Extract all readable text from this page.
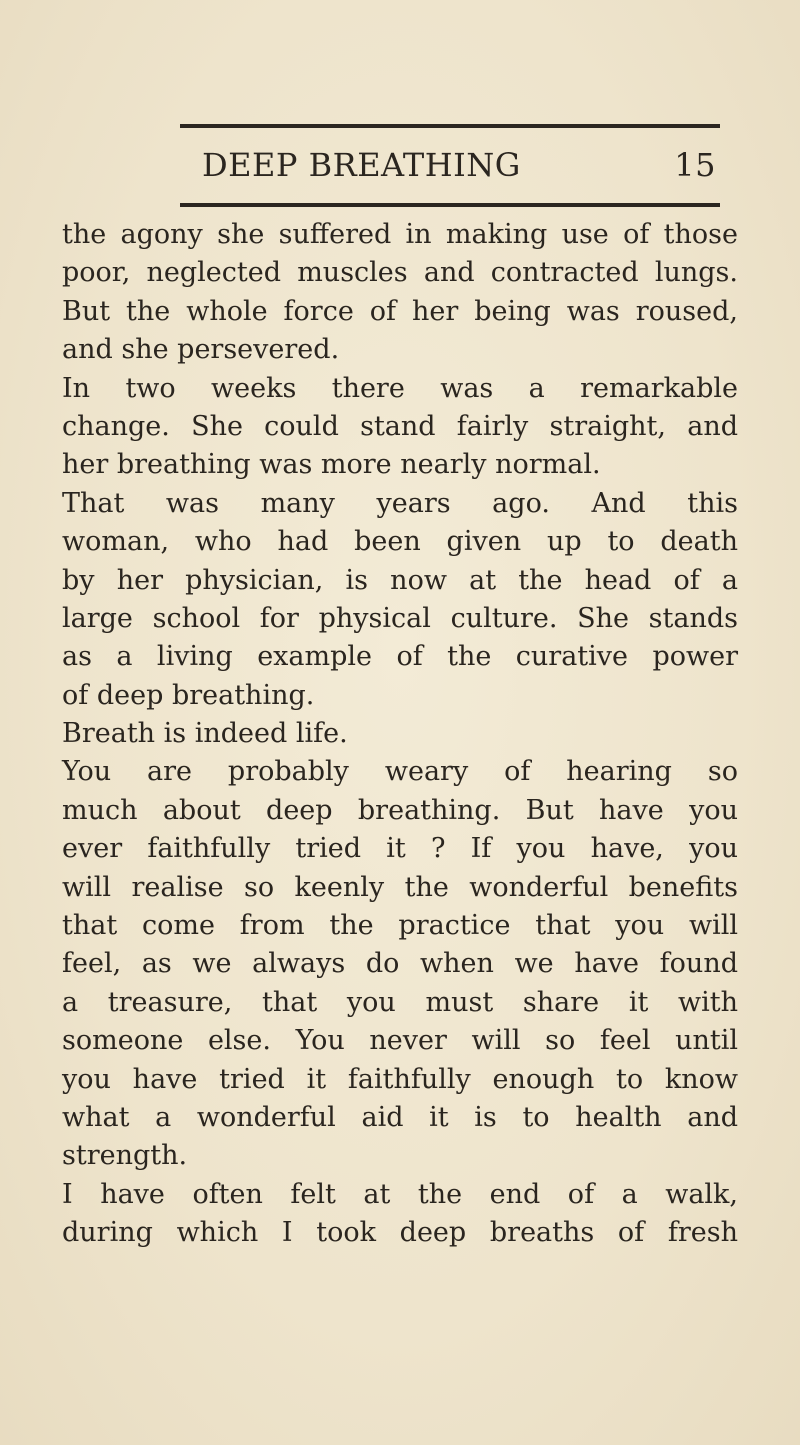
DEEP BREATHING	15
the agony she suffered in making use of those
poor, neglected muscles and contracted lungs.
But the whole force of her being was roused,
and she persevered.
In two weeks there was a remarkable
change. She could stand fairly straight, and
her breathing was more nearly normal.
That was many years ago. And this
woman, who had been given up to death
by her physician, is now at the head of a
large school for physical culture. She stands
as a living example of the curative power
of deep breathing.
Breath is indeed life.
You are probably weary of hearing so
much about deep breathing. But have you
ever faithfully tried it ? If you have, you
will realise so keenly the wonderful benefits
that come from the practice that you will
feel, as we always do when we have found
a treasure, that you must share it with
someone else. You never will so feel until
you have tried it faithfully enough to know
what a wonderful aid it is to health and
strength.
I have often felt at the end of a walk,
during which I took deep breaths of fresh
